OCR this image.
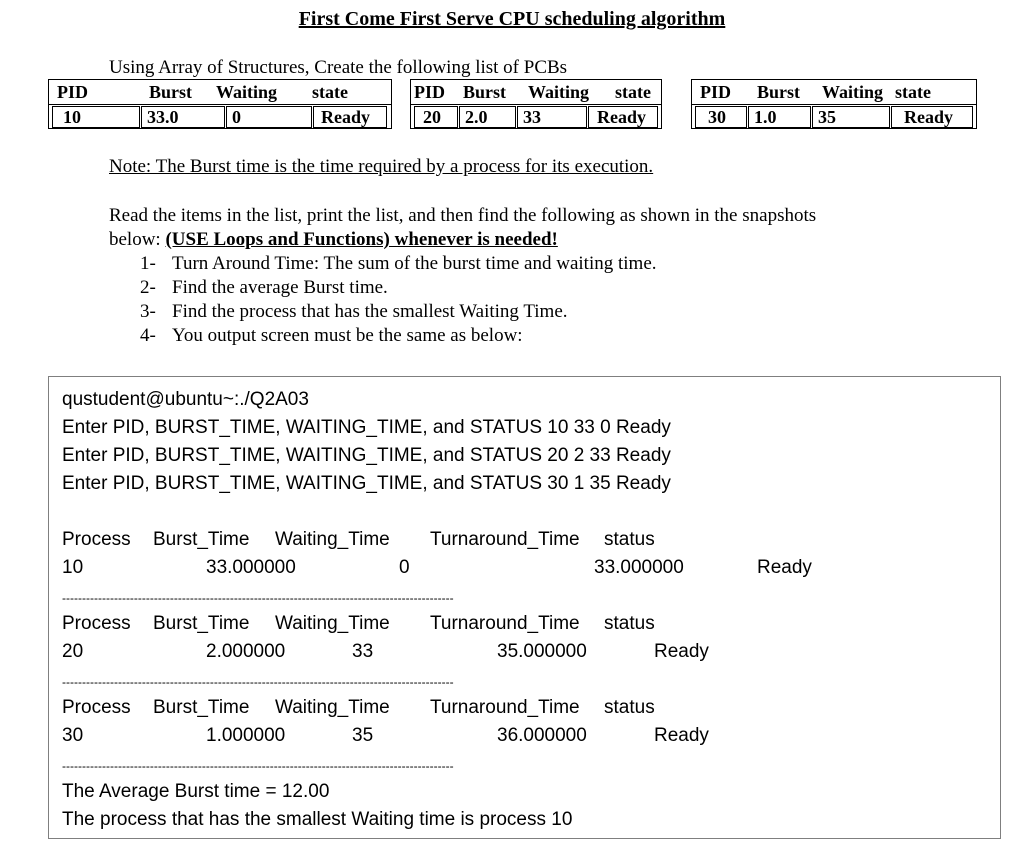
First Come First Serve CPU scheduling algorithm
Using Array of Structures, Create the following list of PCBs
PID	Burst Waiting state
10	33.0	0	Ready
PID Burst Waiting state
20	2.0	33	Ready
PID Burst Waiting state
30	1.0	35	Ready
Note: The Burst time is the time required by a process for its execution.
Read the items in the list, print the list, and then find the following as shown in the snapshots
below: (USE Loops and Functions) whenever is needed!
1- Turn Around Time: The sum of the burst time and waiting time.
2- Find the average Burst time.
3- Find the process that has the smallest Waiting Time.
4- You output screen must be the same as below:
qustudent@ubuntu~:./Q2A03
Enter PID, BURST_TIME, WAITING_TIME, and STATUS 10 33 0 Ready
Enter PID, BURST_TIME, WAITING_TIME, and STATUS 20 2 33 Ready
Enter PID, BURST_TIME, WAITING_TIME, and STATUS 30 1 35 Ready
Process Burst_Time Waiting_Time Turnaround_Time status
10	33.000000	0	33.000000	Ready
--------------------------------------------------------------------------------------------------
Process Burst_Time Waiting_Time Turnaround_Time status
20	2.000000	33	35.000000	Ready
--------------------------------------------------------------------------------------------------
Process Burst_Time Waiting_Time Turnaround_Time status
30	1.000000	35	36.000000	Ready
--------------------------------------------------------------------------------------------------
The Average Burst time = 12.00
The process that has the smallest Waiting time is process 10
